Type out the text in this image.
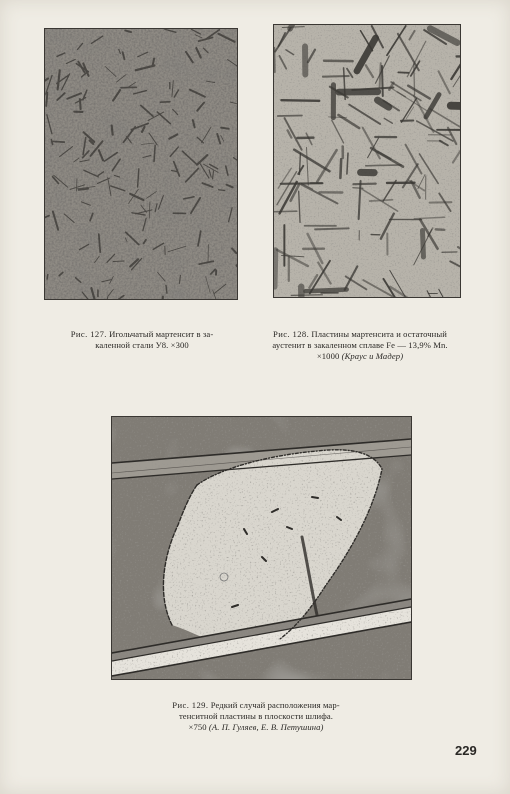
Рис. 127. Игольчатый мартенсит в за-
каленной стали У8. ×300
Рис. 128. Пластины мартенсита и остаточный
аустенит в закаленном сплаве Fe — 13,9% Mn.
×1000 (Краус и Мадер)
Рис. 129. Редкий случай расположения мар-
тенситной пластины в плоскости шлифа.
×750 (А. П. Гуляев, Е. В. Петушина)
229
